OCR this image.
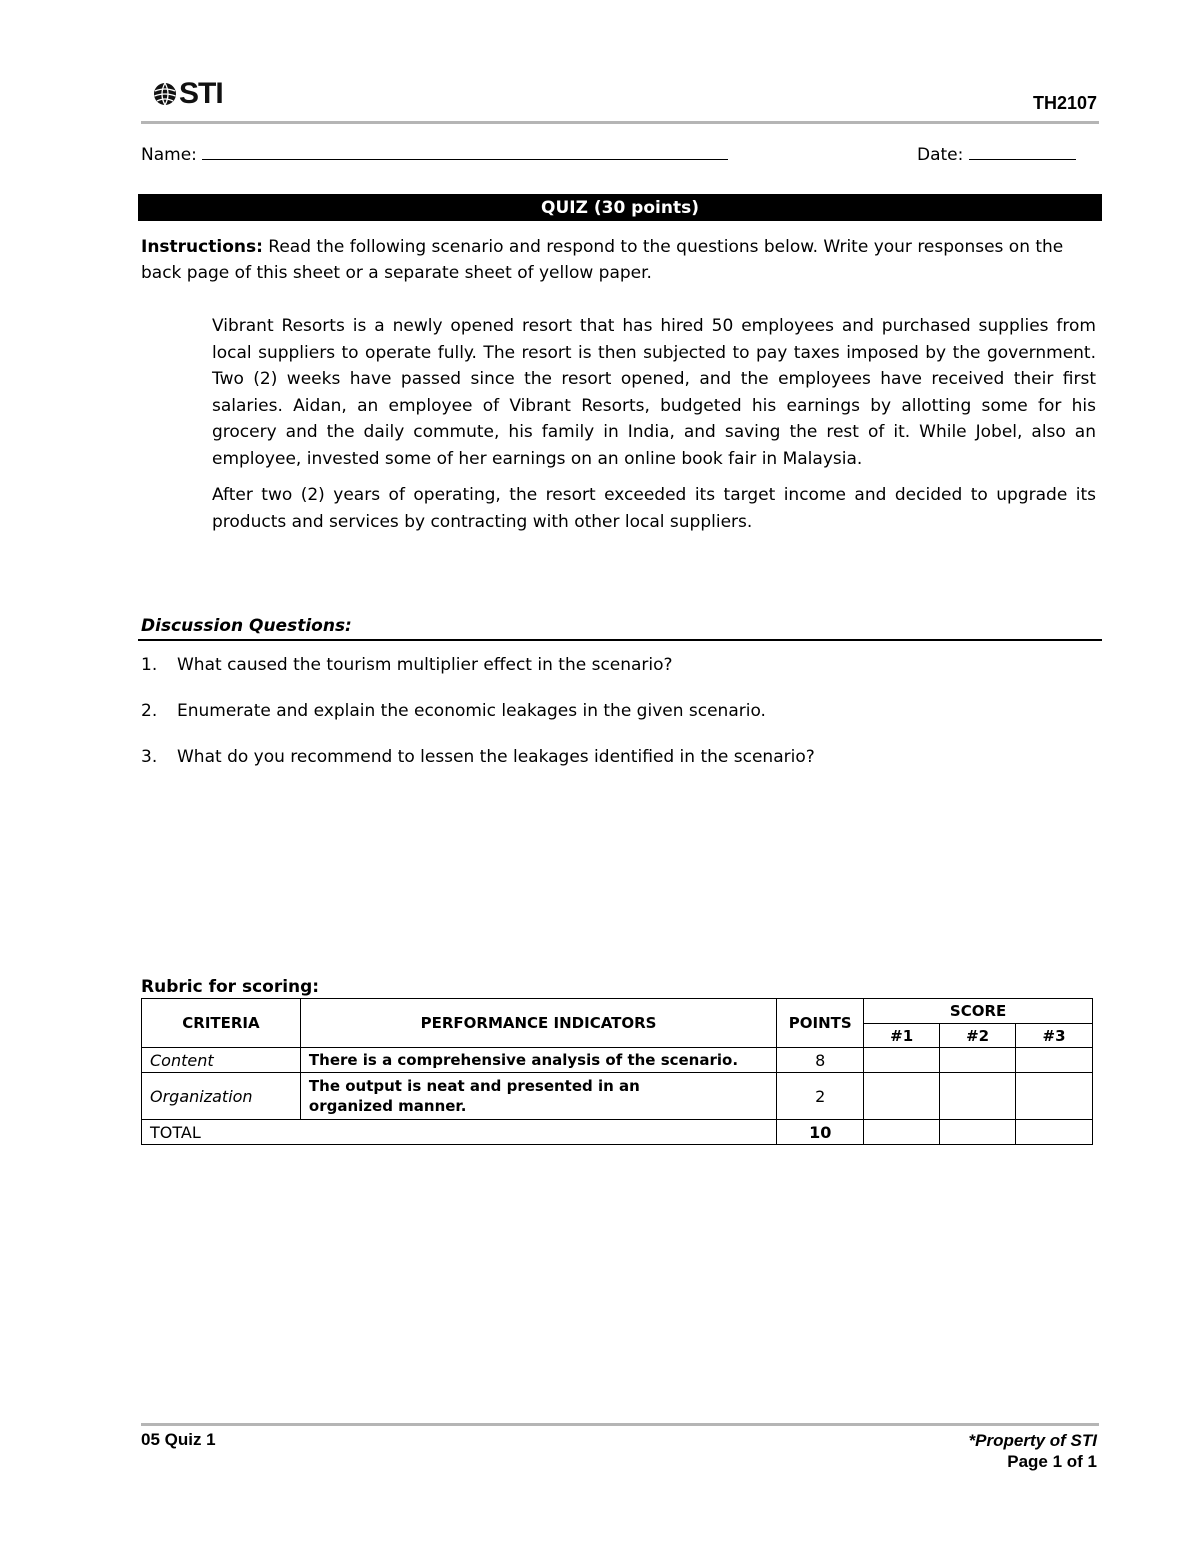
STI	TH2107
Name:	Date:
QUIZ (30 points)
Instructions: Read the following scenario and respond to the questions below. Write your responses on the back page of this sheet or a separate sheet of yellow paper.

Vibrant Resorts is a newly opened resort that has hired 50 employees and purchased supplies from local suppliers to operate fully. The resort is then subjected to pay taxes imposed by the government. Two (2) weeks have passed since the resort opened, and the employees have received their first salaries. Aidan, an employee of Vibrant Resorts, budgeted his earnings by allotting some for his grocery and the daily commute, his family in India, and saving the rest of it. While Jobel, also an employee, invested some of her earnings on an online book fair in Malaysia.

After two (2) years of operating, the resort exceeded its target income and decided to upgrade its products and services by contracting with other local suppliers.

Discussion Questions:
1. What caused the tourism multiplier effect in the scenario?
2. Enumerate and explain the economic leakages in the given scenario.
3. What do you recommend to lessen the leakages identified in the scenario?
Rubric for scoring:
CRITERIA	PERFORMANCE INDICATORS	POINTS	SCORE		
			#1	#2	#3
Content	There is a comprehensive analysis of the scenario.	8			
Organization	The output is neat and presented in an organized manner.	2			
TOTAL		10			
05 Quiz 1	*Property of STI
Page 1 of 1
